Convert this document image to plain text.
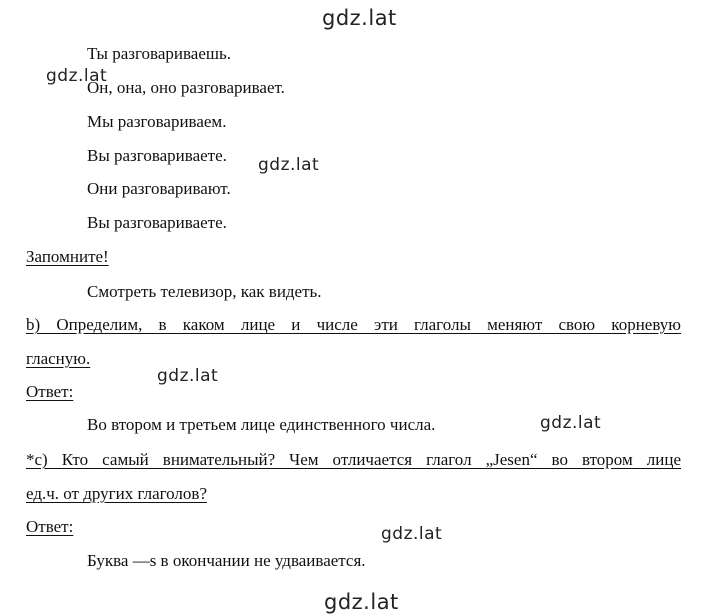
gdz.lat
gdz.lat
gdz.lat
gdz.lat
gdz.lat
gdz.lat
gdz.lat
Ты разговариваешь.
Он, она, оно разговаривает.
Мы разговариваем.
Вы разговариваете.
Они разговаривают.
Вы разговариваете.
Запомните!
Смотреть телевизор, как видеть.
b) Определим, в каком лице и числе эти глаголы меняют свою корневую
гласную.
Ответ:
Во втором и третьем лице единственного числа.
*c) Кто самый внимательный? Чем отличается глагол „Jesen“ во втором лице
ед.ч. от других глаголов?
Ответ:
Буква —s в окончании не удваивается.
